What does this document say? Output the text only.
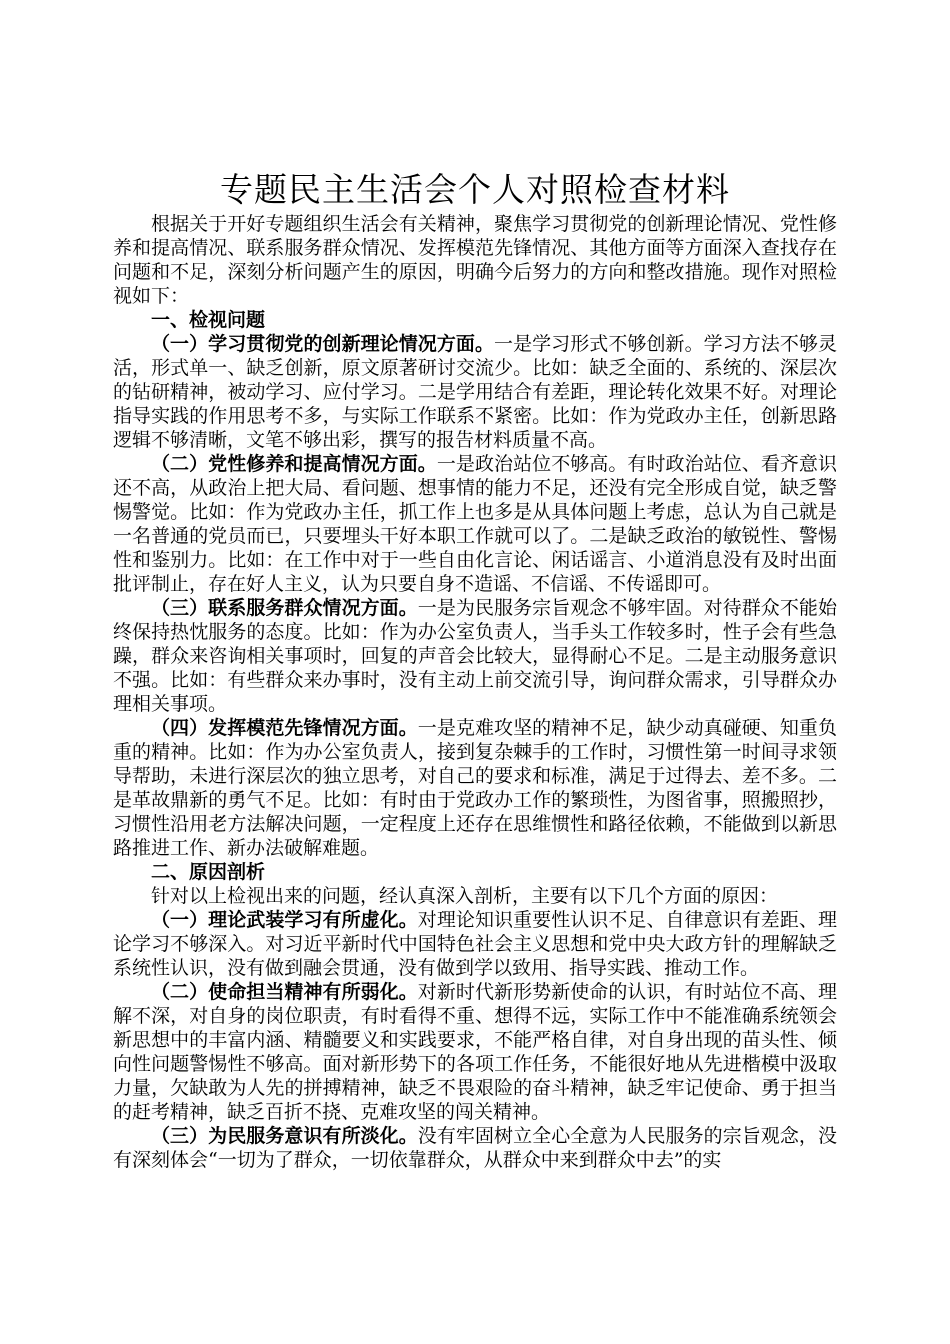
专题民主生活会个人对照检查材料

根据关于开好专题组织生活会有关精神，聚焦学习贯彻党的创新理论情况、党性修养和提高情况、联系服务群众情况、发挥模范先锋情况、其他方面等方面深入查找存在问题和不足，深刻分析问题产生的原因，明确今后努力的方向和整改措施。现作对照检视如下：

一、检视问题

（一）学习贯彻党的创新理论情况方面。一是学习形式不够创新。学习方法不够灵活，形式单一、缺乏创新，原文原著研讨交流少。比如：缺乏全面的、系统的、深层次的钻研精神，被动学习、应付学习。二是学用结合有差距，理论转化效果不好。对理论指导实践的作用思考不多，与实际工作联系不紧密。比如：作为党政办主任，创新思路逻辑不够清晰，文笔不够出彩，撰写的报告材料质量不高。

（二）党性修养和提高情况方面。一是政治站位不够高。有时政治站位、看齐意识还不高，从政治上把大局、看问题、想事情的能力不足，还没有完全形成自觉，缺乏警惕警觉。比如：作为党政办主任，抓工作上也多是从具体问题上考虑，总认为自己就是一名普通的党员而已，只要埋头干好本职工作就可以了。二是缺乏政治的敏锐性、警惕性和鉴别力。比如：在工作中对于一些自由化言论、闲话谣言、小道消息没有及时出面批评制止，存在好人主义，认为只要自身不造谣、不信谣、不传谣即可。

（三）联系服务群众情况方面。一是为民服务宗旨观念不够牢固。对待群众不能始终保持热忱服务的态度。比如：作为办公室负责人，当手头工作较多时，性子会有些急躁，群众来咨询相关事项时，回复的声音会比较大，显得耐心不足。二是主动服务意识不强。比如：有些群众来办事时，没有主动上前交流引导，询问群众需求，引导群众办理相关事项。

（四）发挥模范先锋情况方面。一是克难攻坚的精神不足，缺少动真碰硬、知重负重的精神。比如：作为办公室负责人，接到复杂棘手的工作时，习惯性第一时间寻求领导帮助，未进行深层次的独立思考，对自己的要求和标准，满足于过得去、差不多。二是革故鼎新的勇气不足。比如：有时由于党政办工作的繁琐性，为图省事，照搬照抄，习惯性沿用老方法解决问题，一定程度上还存在思维惯性和路径依赖，不能做到以新思路推进工作、新办法破解难题。

二、原因剖析

针对以上检视出来的问题，经认真深入剖析，主要有以下几个方面的原因：

（一）理论武装学习有所虚化。对理论知识重要性认识不足、自律意识有差距、理论学习不够深入。对习近平新时代中国特色社会主义思想和党中央大政方针的理解缺乏系统性认识，没有做到融会贯通，没有做到学以致用、指导实践、推动工作。

（二）使命担当精神有所弱化。对新时代新形势新使命的认识，有时站位不高、理解不深，对自身的岗位职责，有时看得不重、想得不远，实际工作中不能准确系统领会新思想中的丰富内涵、精髓要义和实践要求，不能严格自律，对自身出现的苗头性、倾向性问题警惕性不够高。面对新形势下的各项工作任务，不能很好地从先进楷模中汲取力量，欠缺敢为人先的拼搏精神，缺乏不畏艰险的奋斗精神，缺乏牢记使命、勇于担当的赶考精神，缺乏百折不挠、克难攻坚的闯关精神。

（三）为民服务意识有所淡化。没有牢固树立全心全意为人民服务的宗旨观念，没有深刻体会“一切为了群众，一切依靠群众，从群众中来到群众中去”的实
